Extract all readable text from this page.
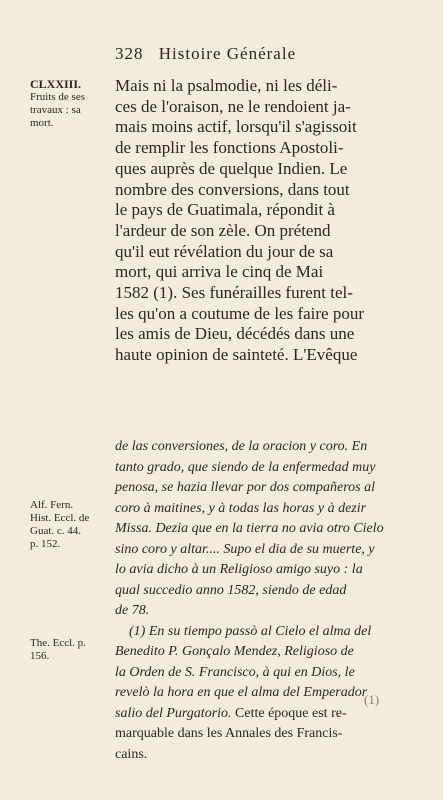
328 Histoire Générale
CLXXIII.
Fruits de ses
travaux : sa
mort.
Mais ni la psalmodie, ni les déli-
ces de l'oraison, ne le rendoient ja-
mais moins actif, lorsqu'il s'agissoit
de remplir les fonctions Apostoli-
ques auprès de quelque Indien. Le
nombre des conversions, dans tout
le pays de Guatimala, répondit à
l'ardeur de son zèle. On prétend
qu'il eut révélation du jour de sa
mort, qui arriva le cinq de Mai
1582 (1). Ses funérailles furent tel-
les qu'on a coutume de les faire pour
les amis de Dieu, décédés dans une
haute opinion de sainteté. L'Evêque
Alf. Fern.
Hist. Eccl. de
Guat. c. 44.
p. 152.
The. Eccl. p.
156.
de las conversiones, de la oracion y coro. En
tanto grado, que siendo de la enfermedad muy
penosa, se hazia llevar por dos compañeros al
coro à maitines, y à todas las horas y à dezir
Missa. Dezia que en la tierra no avia otro Cielo
sino coro y altar.... Supo el dia de su muerte, y
lo avia dicho à un Religioso amigo suyo : la
qual succedio anno 1582, siendo de edad
de 78.
(1) En su tiempo passò al Cielo el alma del
Benedito P. Gonçalo Mendez, Religioso de
la Orden de S. Francisco, à qui en Dios, le
revelò la hora en que el alma del Emperador
salio del Purgatorio. Cette époque est re-
marquable dans les Annales des Francis-
cains.
(1)
